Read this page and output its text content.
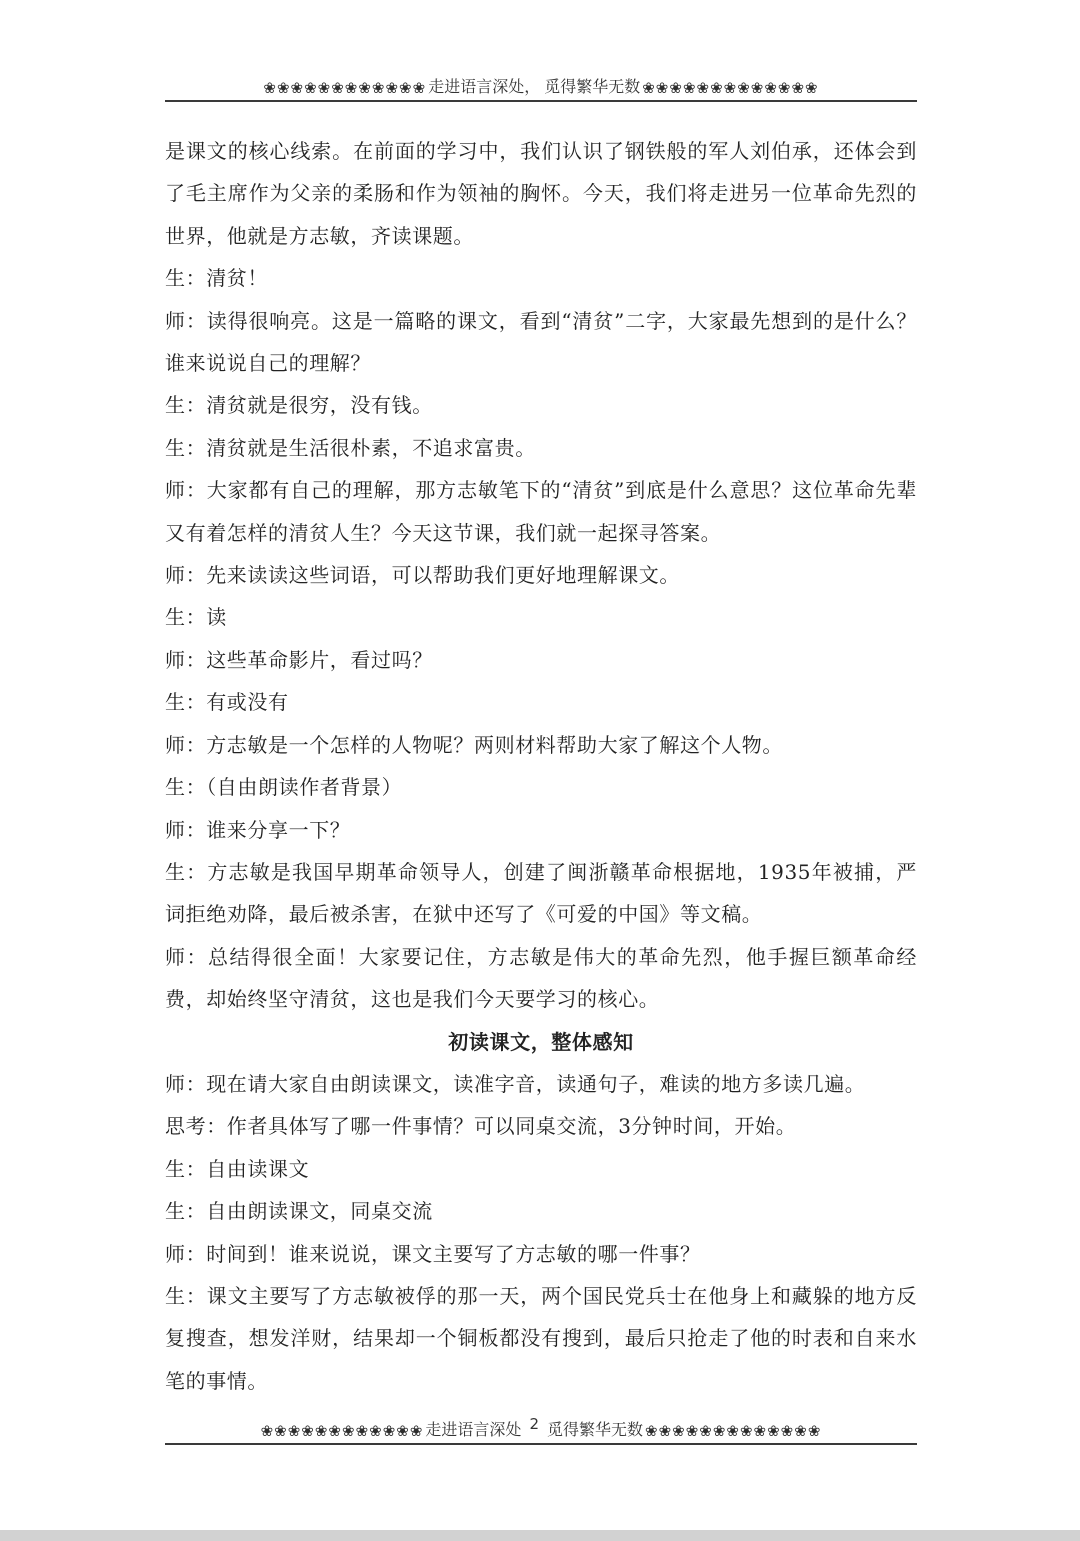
❀❀❀❀❀❀❀❀❀❀❀❀ 走进语言深处， 觅得繁华无数 ❀❀❀❀❀❀❀❀❀❀❀❀❀

是课文的核心线索。在前面的学习中，我们认识了钢铁般的军人刘伯承，还体会到了毛主席作为父亲的柔肠和作为领袖的胸怀。今天，我们将走进另一位革命先烈的世界，他就是方志敏，齐读课题。

生：清贫！

师：读得很响亮。这是一篇略的课文，看到“清贫”二字，大家最先想到的是什么？谁来说说自己的理解？

生：清贫就是很穷，没有钱。

生：清贫就是生活很朴素，不追求富贵。

师：大家都有自己的理解，那方志敏笔下的“清贫”到底是什么意思？这位革命先辈又有着怎样的清贫人生？今天这节课，我们就一起探寻答案。

师：先来读读这些词语，可以帮助我们更好地理解课文。

生：读

师：这些革命影片，看过吗？

生：有或没有

师：方志敏是一个怎样的人物呢？两则材料帮助大家了解这个人物。

生：（自由朗读作者背景）

师：谁来分享一下？

生：方志敏是我国早期革命领导人，创建了闽浙赣革命根据地，1935年被捕，严词拒绝劝降，最后被杀害，在狱中还写了《可爱的中国》等文稿。

师：总结得很全面！大家要记住，方志敏是伟大的革命先烈，他手握巨额革命经费，却始终坚守清贫，这也是我们今天要学习的核心。

初读课文，整体感知

师：现在请大家自由朗读课文，读准字音，读通句子，难读的地方多读几遍。

思考：作者具体写了哪一件事情？可以同桌交流，3分钟时间，开始。

生：自由读课文

生：自由朗读课文，同桌交流

师：时间到！谁来说说，课文主要写了方志敏的哪一件事？

生：课文主要写了方志敏被俘的那一天，两个国民党兵士在他身上和藏躲的地方反复搜查，想发洋财，结果却一个铜板都没有搜到，最后只抢走了他的时表和自来水笔的事情。

❀❀❀❀❀❀❀❀❀❀❀❀ 走进语言深处 2 觅得繁华无数 ❀❀❀❀❀❀❀❀❀❀❀❀❀
